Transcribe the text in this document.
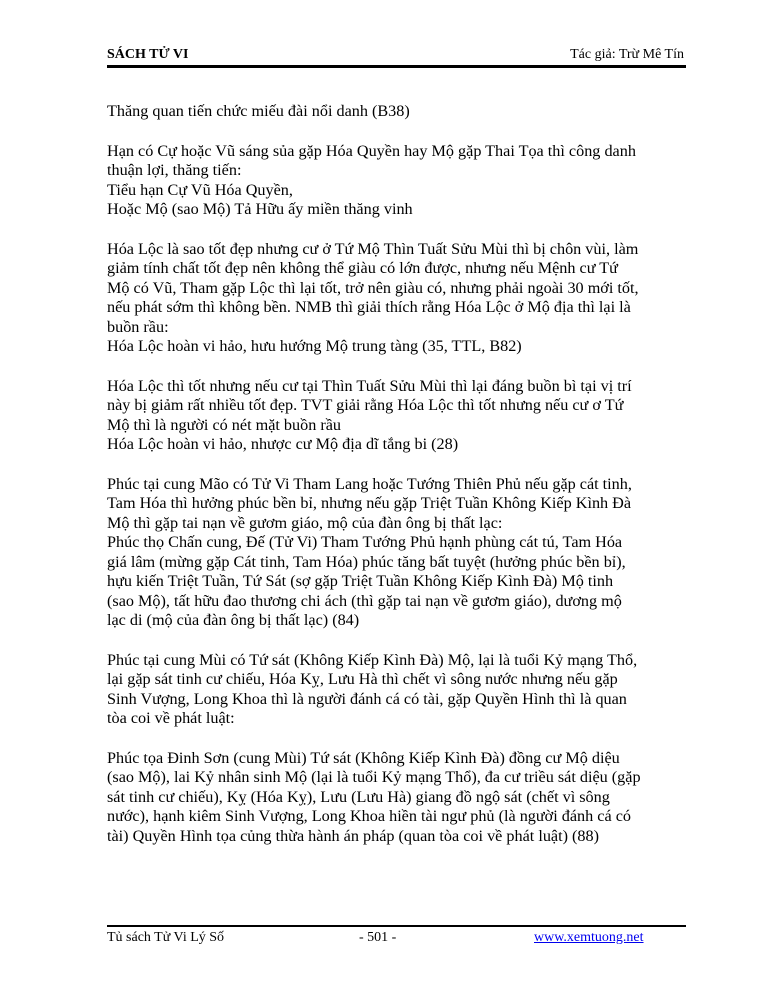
SÁCH TỬ VI	Tác giả: Trừ Mê Tín

Thăng quan tiến chức miếu đài nổi danh (B38)

Hạn có Cự hoặc Vũ sáng sủa gặp Hóa Quyền hay Mộ gặp Thai Tọa thì công danh
thuận lợi, thăng tiến:
Tiểu hạn Cự Vũ Hóa Quyền,
Hoặc Mộ (sao Mộ) Tả Hữu ấy miền thăng vinh

Hóa Lộc là sao tốt đẹp nhưng cư ở Tứ Mộ Thìn Tuất Sửu Mùi thì bị chôn vùi, làm
giảm tính chất tốt đẹp nên không thể giàu có lớn được, nhưng nếu Mệnh cư Tứ
Mộ có Vũ, Tham gặp Lộc thì lại tốt, trở nên giàu có, nhưng phải ngoài 30 mới tốt,
nếu phát sớm thì không bền. NMB thì giải thích rằng Hóa Lộc ở Mộ địa thì lại là
buồn rầu:
Hóa Lộc hoàn vi hảo, hưu hướng Mộ trung tàng (35, TTL, B82)

Hóa Lộc thì tốt nhưng nếu cư tại Thìn Tuất Sửu Mùi thì lại đáng buồn bì tại vị trí
này bị giảm rất nhiều tốt đẹp. TVT giải rằng Hóa Lộc thì tốt nhưng nếu cư ơ Tứ
Mộ thì là người có nét mặt buồn rầu
Hóa Lộc hoàn vi hảo, nhược cư Mộ địa dĩ tắng bi (28)

Phúc tại cung Mão có Tử Vi Tham Lang hoặc Tướng Thiên Phủ nếu gặp cát tinh,
Tam Hóa thì hưởng phúc bền bỉ, nhưng nếu gặp Triệt Tuần Không Kiếp Kình Đà
Mộ thì gặp tai nạn về gươm giáo, mộ của đàn ông bị thất lạc:
Phúc thọ Chấn cung, Đế (Tử Vi) Tham Tướng Phủ hạnh phùng cát tú, Tam Hóa
giá lâm (mừng gặp Cát tinh, Tam Hóa) phúc tăng bất tuyệt (hưởng phúc bền bỉ),
hựu kiến Triệt Tuần, Tứ Sát (sợ gặp Triệt Tuần Không Kiếp Kình Đà) Mộ tinh
(sao Mộ), tất hữu đao thương chi ách (thì gặp tai nạn về gươm giáo), dương mộ
lạc di (mộ của đàn ông bị thất lạc) (84)

Phúc tại cung Mùi có Tứ sát (Không Kiếp Kình Đà) Mộ, lại là tuổi Kỷ mạng Thổ,
lại gặp sát tinh cư chiếu, Hóa Kỵ, Lưu Hà thì chết vì sông nước nhưng nếu gặp
Sinh Vượng, Long Khoa thì là người đánh cá có tài, gặp Quyền Hình thì là quan
tòa coi về phát luật:

Phúc tọa Đinh Sơn (cung Mùi) Tứ sát (Không Kiếp Kình Đà) đồng cư Mộ diệu
(sao Mộ), lai Kỷ nhân sinh Mộ (lại là tuổi Kỷ mạng Thổ), đa cư triều sát diệu (gặp
sát tinh cư chiếu), Kỵ (Hóa Kỵ), Lưu (Lưu Hà) giang đồ ngộ sát (chết vì sông
nước), hạnh kiêm Sinh Vượng, Long Khoa hiền tài ngư phủ (là người đánh cá có
tài) Quyền Hình tọa củng thừa hành án pháp (quan tòa coi về phát luật) (88)

Tủ sách Tử Vi Lý Số	- 501 -	www.xemtuong.net
